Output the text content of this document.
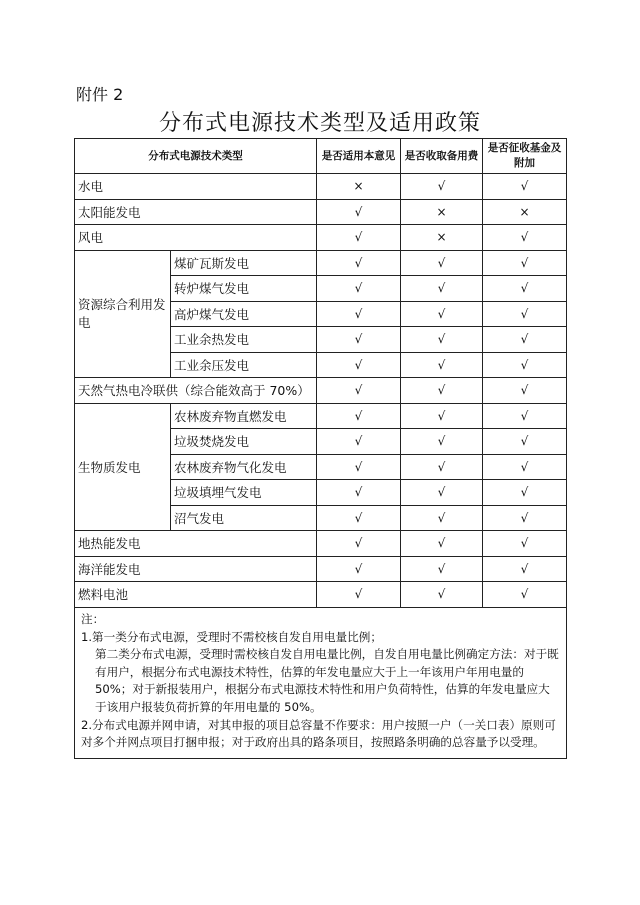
附件 2
分布式电源技术类型及适用政策
分布式电源技术类型		是否适用本意见	是否收取备用费	是否征收基金及附加
水电		×	√	√
太阳能发电		√	×	×
风电		√	×	√
资源综合利用发电	煤矿瓦斯发电	√	√	√
	转炉煤气发电	√	√	√
	高炉煤气发电	√	√	√
	工业余热发电	√	√	√
	工业余压发电	√	√	√
天然气热电冷联供（综合能效高于 70%）		√	√	√
生物质发电	农林废弃物直燃发电	√	√	√
	垃圾焚烧发电	√	√	√
	农林废弃物气化发电	√	√	√
	垃圾填埋气发电	√	√	√
	沼气发电	√	√	√
地热能发电		√	√	√
海洋能发电		√	√	√
燃料电池		√	√	√
注：
1.第一类分布式电源，受理时不需校核自发自用电量比例；
第二类分布式电源，受理时需校核自发自用电量比例，自发自用电量比例确定方法：对于既有用户，根据分布式电源技术特性，估算的年发电量应大于上一年该用户年用电量的 50%；对于新报装用户，根据分布式电源技术特性和用户负荷特性，估算的年发电量应大于该用户报装负荷折算的年用电量的 50%。
2.分布式电源并网申请，对其申报的项目总容量不作要求：用户按照一户（一关口表）原则可对多个并网点项目打捆申报；对于政府出具的路条项目，按照路条明确的总容量予以受理。
